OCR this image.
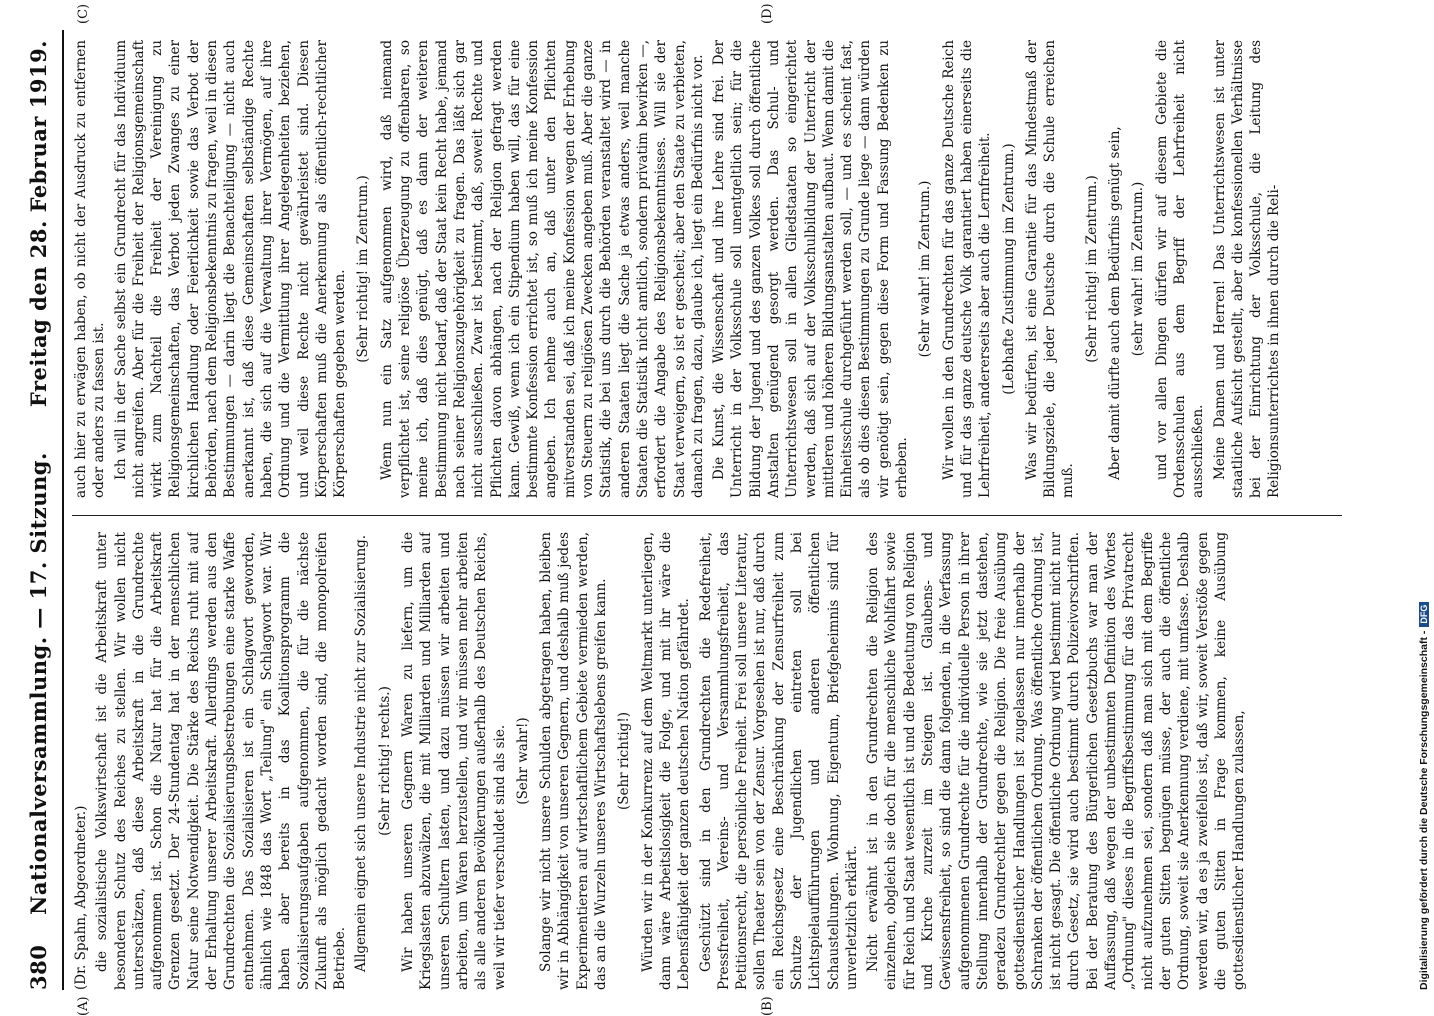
380 Nationalversammlung. — 17. Sitzung.
Freitag den 28. Februar 1919.
(A)	(B)
(C)	(D)

(Dr. Spahn, Abgeordneter.) die sozialistische Volkswirtschaft ist die Arbeitskraft unter besonderen Schutz des Reiches zu stellen. Wir wollen nicht unterschätzen, daß diese Arbeitskraft in die Grundrechte aufgenommen ist. Schon die Natur hat für die Arbeitskraft Grenzen gesetzt. Der 24-Stundentag hat in der menschlichen Natur seine Notwendigkeit. Die Stärke des Reichs ruht mit auf der Erhaltung unserer Arbeitskraft. Allerdings werden aus den Grundrechten die Sozialisierungsbestrebungen eine starke Waffe entnehmen. Das Sozialisieren ist ein Schlagwort geworden, ähnlich wie 1848 das Wort „Teilung" ein Schlagwort war. Wir haben aber bereits in das Koalitionsprogramm die Sozialisierungsaufgaben aufgenommen, die für die nächste Zukunft als möglich gedacht worden sind, die monopolreifen Betriebe. Allgemein eignet sich unsere Industrie nicht zur Sozialisierung. (Sehr richtig! rechts.) Wir haben unseren Gegnern Waren zu liefern, um die Kriegslasten abzuwälzen, die mit Milliarden und Milliarden auf unseren Schultern lasten, und dazu müssen wir arbeiten und arbeiten, um Waren herzustellen, und wir müssen mehr arbeiten als alle anderen Bevölkerungen außerhalb des Deutschen Reichs, weil wir tiefer verschuldet sind als sie. (Sehr wahr!) Solange wir nicht unsere Schulden abgetragen haben, bleiben wir in Abhängigkeit von unseren Gegnern, und deshalb muß jedes Experimentieren auf wirtschaftlichem Gebiete vermieden werden, das an die Wurzeln unseres Wirtschaftslebens greifen kann. (Sehr richtig!) Würden wir in der Konkurrenz auf dem Weltmarkt unterliegen, dann wäre Arbeitslosigkeit die Folge, und mit ihr wäre die Lebensfähigkeit der ganzen deutschen Nation gefährdet. Geschützt sind in den Grundrechten die Redefreiheit, Pressfreiheit, Vereins- und Versammlungsfreiheit, das Petitionsrecht, die persönliche Freiheit. Frei soll unsere Literatur, sollen Theater sein von der Zensur. Vorgesehen ist nur, daß durch ein Reichsgesetz eine Beschränkung der Zensurfreiheit zum Schutze der Jugendlichen eintreten soll bei Lichtspielaufführungen und anderen öffentlichen Schaustellungen. Wohnung, Eigentum, Briefgeheimnis sind für unverletzlich erklärt. Nicht erwähnt ist in den Grundrechten die Religion des einzelnen, obgleich sie doch für die menschliche Wohlfahrt sowie für Reich und Staat wesentlich ist und die Bedeutung von Religion und Kirche zurzeit im Steigen ist. Glaubens- und Gewissensfreiheit, so sind die dann folgenden, in die Verfassung aufgenommenen Grundrechte für die individuelle Person in ihrer Stellung innerhalb der Grundrechte, wie sie jetzt dastehen, geradezu Grundrechtler gegen die Religion. Die freie Ausübung gottesdienstlicher Handlungen ist zugelassen nur innerhalb der Schranken der öffentlichen Ordnung. Was öffentliche Ordnung ist, ist nicht gesagt. Die öffentliche Ordnung wird bestimmt nicht nur durch Gesetz, sie wird auch bestimmt durch Polizeivorschriften. Bei der Beratung des Bürgerlichen Gesetzbuchs war man der Auffassung, daß wegen der unbestimmten Definition des Wortes „Ordnung" dieses in die Begriffsbestimmung für das Privatrecht nicht aufzunehmen sei, sondern daß man sich mit dem Begriffe der guten Sitten begnügen müsse, der auch die öffentliche Ordnung, soweit sie Anerkennung verdiene, mit umfasse. Deshalb werden wir, da es ja zweifellos ist, daß wir, soweit Verstöße gegen die guten Sitten in Frage kommen, keine Ausübung gottesdienstlicher Handlungen zulassen,

auch hier zu erwägen haben, ob nicht der Ausdruck zu entfernen oder anders zu fassen ist. Ich will in der Sache selbst ein Grundrecht für das Individuum nicht angreifen. Aber für die Freiheit der Religionsgemeinschaft wirkt zum Nachteil die Freiheit der Vereinigung zu Religionsgemeinschaften, das Verbot jeden Zwanges zu einer kirchlichen Handlung oder Feierlichkeit sowie das Verbot der Behörden, nach dem Religionsbekenntnis zu fragen, weil in diesen Bestimmungen — darin liegt die Benachteiligung — nicht auch anerkannt ist, daß diese Gemeinschaften selbständige Rechte haben, die sich auf die Verwaltung ihrer Vermögen, auf ihre Ordnung und die Vermittlung ihrer Angelegenheiten beziehen, und weil diese Rechte nicht gewährleistet sind. Diesen Körperschaften muß die Anerkennung als öffentlich-rechtlicher Körperschaften gegeben werden.

(Sehr richtig! im Zentrum.) Wenn nun ein Satz aufgenommen wird, daß niemand verpflichtet ist, seine religiöse Überzeugung zu offenbaren, so meine ich, daß dies genügt, daß es dann der weiteren Bestimmung nicht bedarf, daß der Staat kein Recht habe, jemand nach seiner Religionszugehörigkeit zu fragen. Das läßt sich gar nicht ausschließen. Zwar ist bestimmt, daß, soweit Rechte und Pflichten davon abhängen, nach der Religion gefragt werden kann. Gewiß, wenn ich ein Stipendium haben will, das für eine bestimmte Konfession errichtet ist, so muß ich meine Konfession angeben. Ich nehme auch an, daß unter den Pflichten mitverstanden sei, daß ich meine Konfession wegen der Erhebung von Steuern zu religiösen Zwecken angeben muß. Aber die ganze Statistik, die bei uns durch die Behörden veranstaltet wird — in anderen Staaten liegt die Sache ja etwas anders, weil manche Staaten die Statistik nicht amtlich, sondern privatim bewirken —, erfordert die Angabe des Religionsbekenntnisses. Will sie der Staat verweigern, so ist er gescheit; aber den Staate zu verbieten, danach zu fragen, dazu, glaube ich, liegt ein Bedürfnis nicht vor. Die Kunst, die Wissenschaft und ihre Lehre sind frei. Der Unterricht in der Volksschule soll unentgeltlich sein; für die Bildung der Jugend und des ganzen Volkes soll durch öffentliche Anstalten genügend gesorgt werden. Das Schul- und Unterrichtswesen soll in allen Gliedstaaten so eingerichtet werden, daß sich auf der Volksschulbildung der Unterricht der mittleren und höheren Bildungsanstalten aufbaut. Wenn damit die Einheitsschule durchgeführt werden soll, — und es scheint fast, als ob dies diesen Bestimmungen zu Grunde liege — dann würden wir genötigt sein, gegen diese Form und Fassung Bedenken zu erheben.

(Sehr wahr! im Zentrum.) Wir wollen in den Grundrechten für das ganze Deutsche Reich und für das ganze deutsche Volk garantiert haben einerseits die Lehrfreiheit, andererseits aber auch die Lernfreiheit. (Lebhafte Zustimmung im Zentrum.) Was wir bedürfen, ist eine Garantie für das Mindestmaß der Bildungsziele, die jeder Deutsche durch die Schule erreichen muß.

(Sehr richtig! im Zentrum.) Aber damit dürfte auch dem Bedürfnis genügt sein, (sehr wahr! im Zentrum.) und vor allen Dingen dürfen wir auf diesem Gebiete die Ordensschulen aus dem Begriff der Lehrfreiheit nicht ausschließen. Meine Damen und Herren! Das Unterrichtswesen ist unter staatliche Aufsicht gestellt, aber die konfessionellen Verhältnisse bei der Einrichtung der Volksschule, die Leitung des Religionsunterrichtes in ihnen durch die Reli-

Digitalisierung gefördert durch die Deutsche Forschungsgemeinschaft -DFG
